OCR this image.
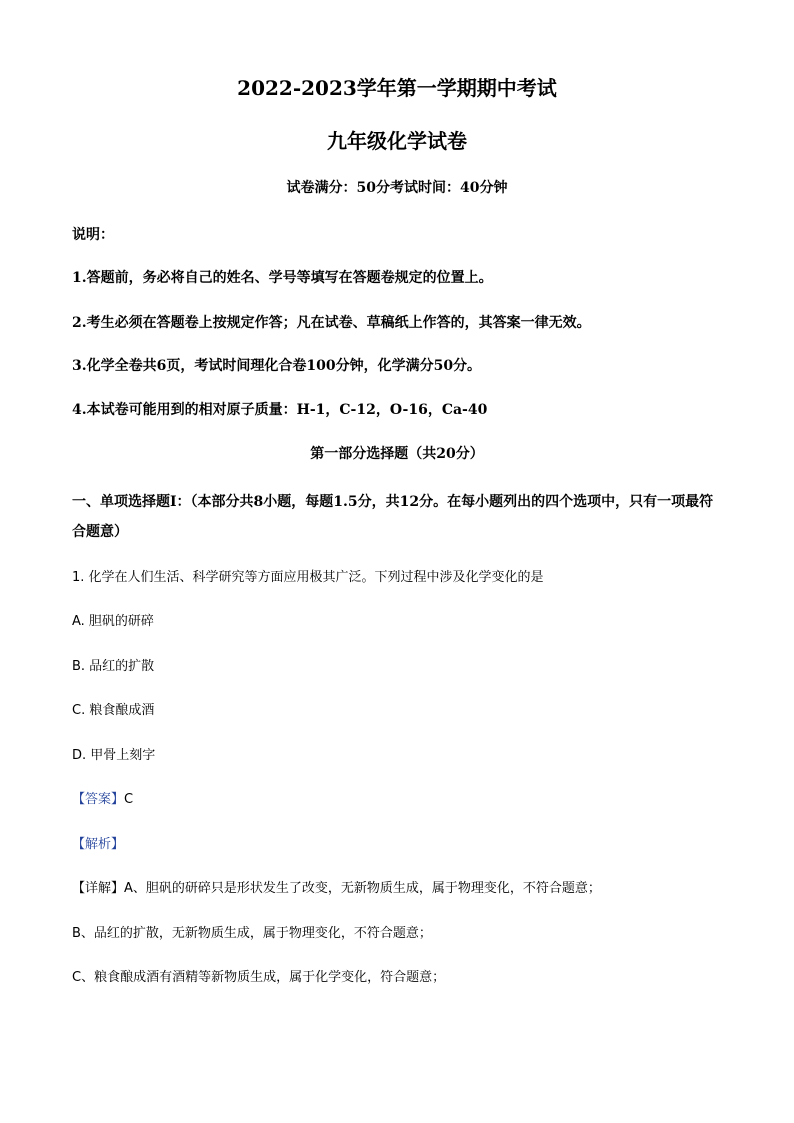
2022-2023学年第一学期期中考试
九年级化学试卷
试卷满分：50分考试时间：40分钟
说明：
1.答题前，务必将自己的姓名、学号等填写在答题卷规定的位置上。
2.考生必须在答题卷上按规定作答；凡在试卷、草稿纸上作答的，其答案一律无效。
3.化学全卷共6页，考试时间理化合卷100分钟，化学满分50分。
4.本试卷可能用到的相对原子质量：H-1，C-12，O-16，Ca-40
第一部分选择题（共20分）
一、单项选择题Ⅰ：（本部分共8小题，每题1.5分，共12分。在每小题列出的四个选项中，只有一项最符合题意）
1. 化学在人们生活、科学研究等方面应用极其广泛。下列过程中涉及化学变化的是
A. 胆矾的研碎
B. 品红的扩散
C. 粮食酿成酒
D. 甲骨上刻字
【答案】C
【解析】
【详解】A、胆矾的研碎只是形状发生了改变，无新物质生成，属于物理变化，不符合题意；
B、品红的扩散，无新物质生成，属于物理变化，不符合题意；
C、粮食酿成酒有酒精等新物质生成，属于化学变化，符合题意；
